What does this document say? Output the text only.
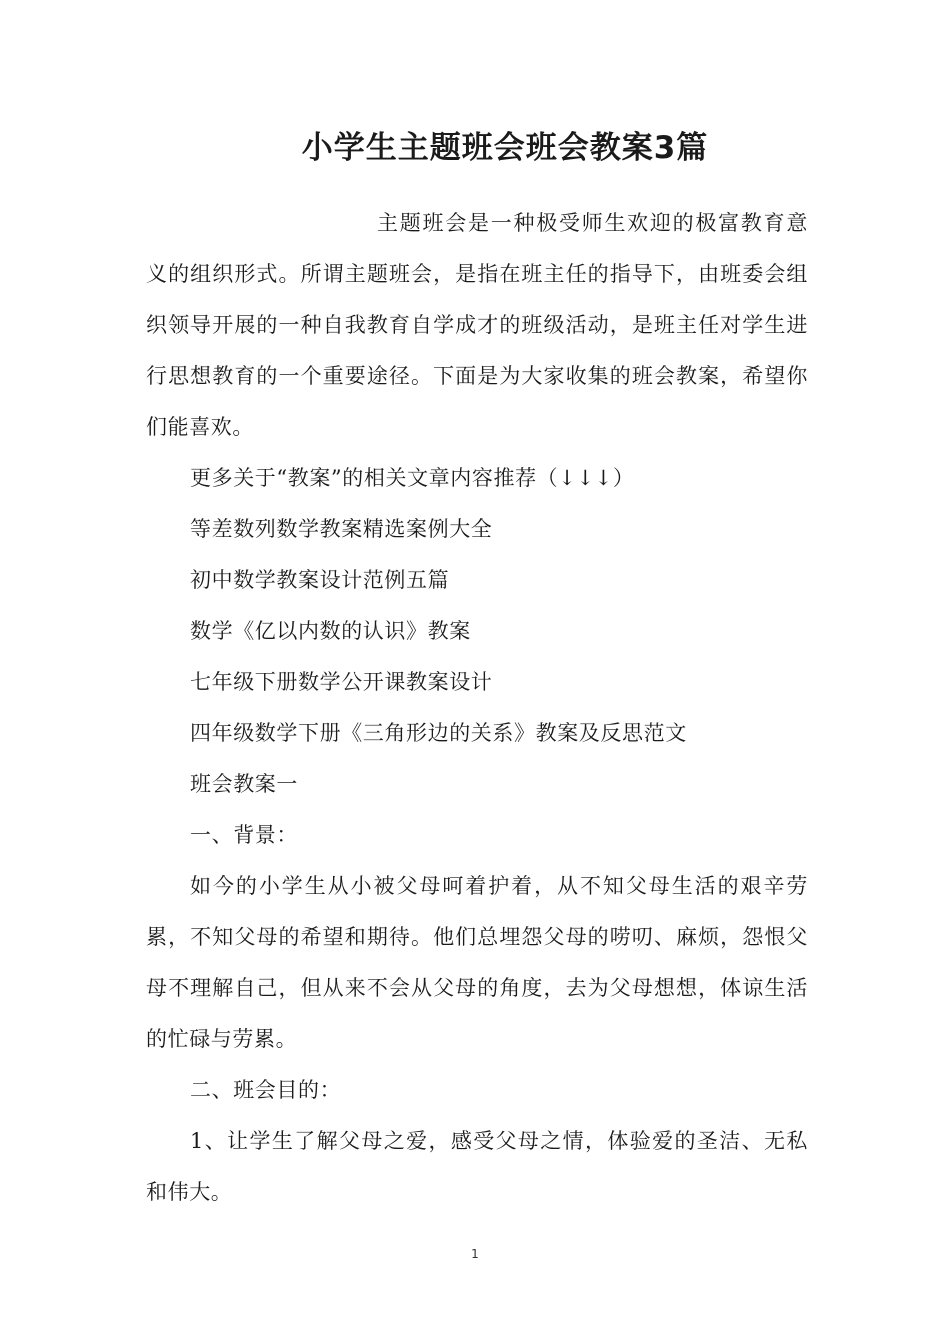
小学生主题班会班会教案3篇

主题班会是一种极受师生欢迎的极富教育意义的组织形式。所谓主题班会，是指在班主任的指导下，由班委会组织领导开展的一种自我教育自学成才的班级活动，是班主任对学生进行思想教育的一个重要途径。下面是为大家收集的班会教案，希望你们能喜欢。

更多关于“教案”的相关文章内容推荐（↓↓↓）

等差数列数学教案精选案例大全

初中数学教案设计范例五篇

数学《亿以内数的认识》教案

七年级下册数学公开课教案设计

四年级数学下册《三角形边的关系》教案及反思范文

班会教案一

一、背景：

如今的小学生从小被父母呵着护着，从不知父母生活的艰辛劳累，不知父母的希望和期待。他们总埋怨父母的唠叨、麻烦，怨恨父母不理解自己，但从来不会从父母的角度，去为父母想想，体谅生活的忙碌与劳累。

二、班会目的：

1、让学生了解父母之爱，感受父母之情，体验爱的圣洁、无私和伟大。

1
